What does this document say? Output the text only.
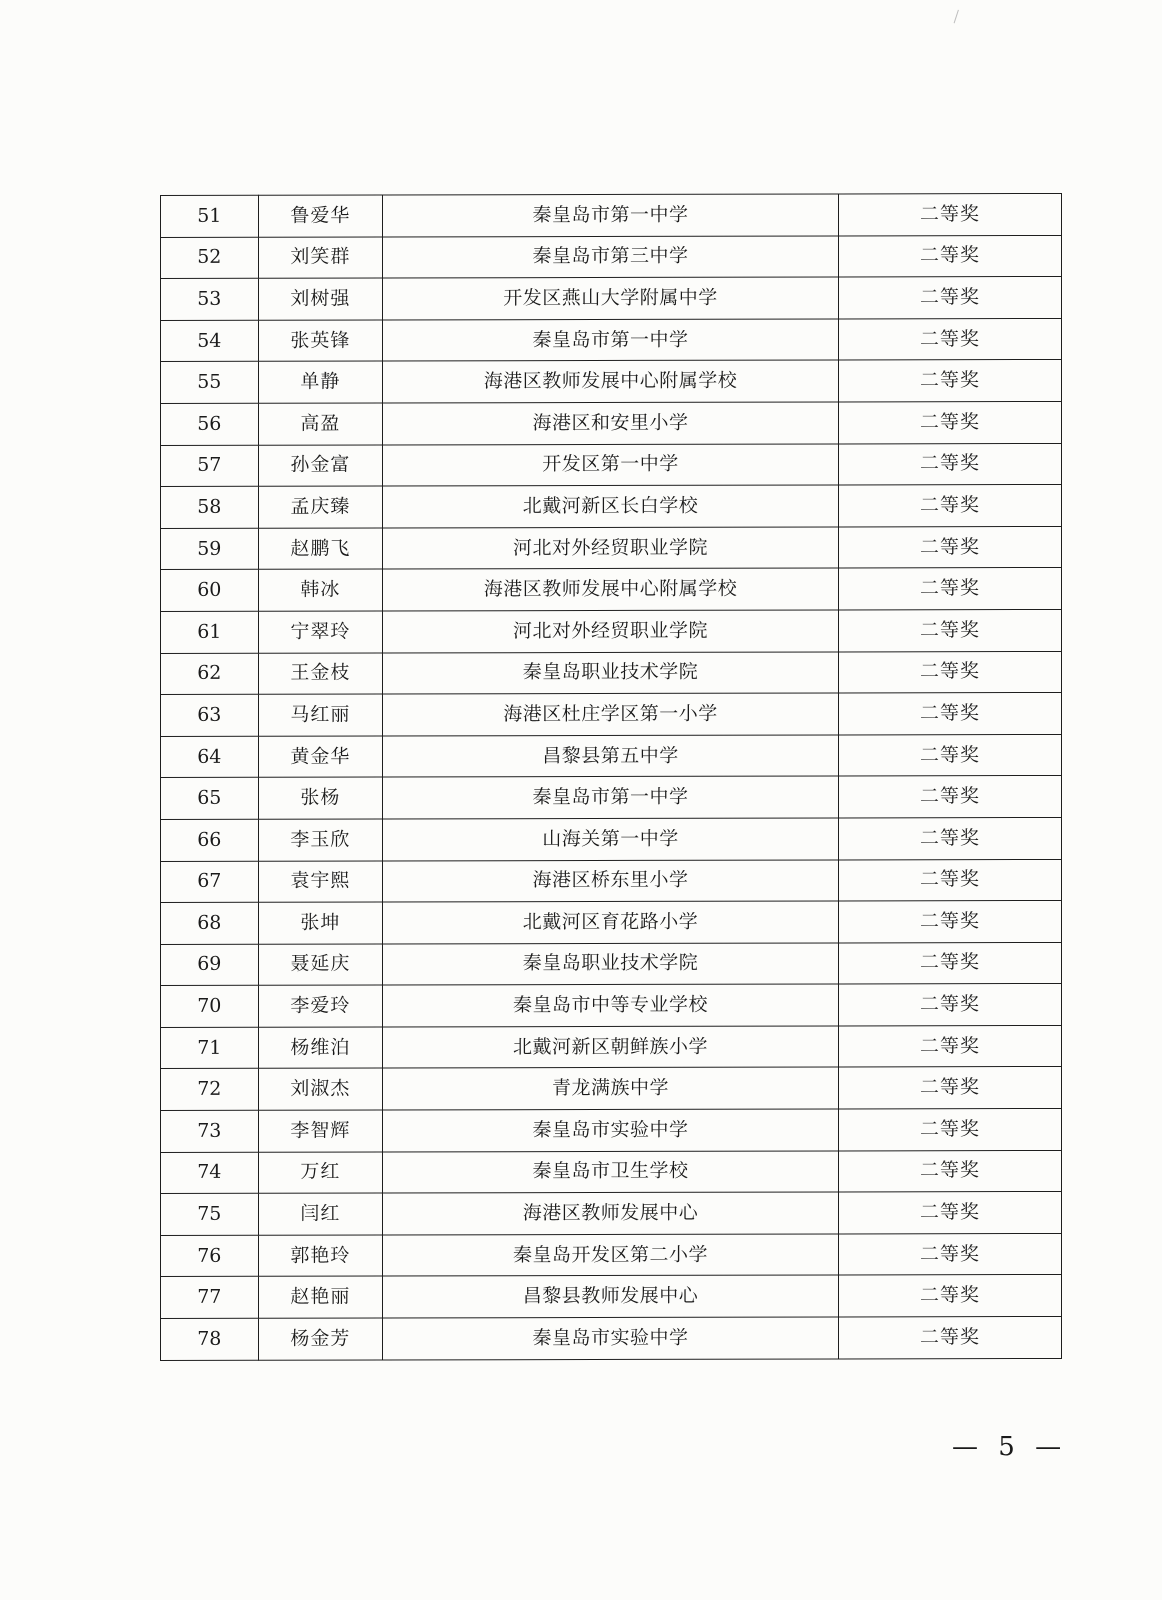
51	鲁爱华	秦皇岛市第一中学	二等奖
52	刘笑群	秦皇岛市第三中学	二等奖
53	刘树强	开发区燕山大学附属中学	二等奖
54	张英锋	秦皇岛市第一中学	二等奖
55	单静	海港区教师发展中心附属学校	二等奖
56	高盈	海港区和安里小学	二等奖
57	孙金富	开发区第一中学	二等奖
58	孟庆臻	北戴河新区长白学校	二等奖
59	赵鹏飞	河北对外经贸职业学院	二等奖
60	韩冰	海港区教师发展中心附属学校	二等奖
61	宁翠玲	河北对外经贸职业学院	二等奖
62	王金枝	秦皇岛职业技术学院	二等奖
63	马红丽	海港区杜庄学区第一小学	二等奖
64	黄金华	昌黎县第五中学	二等奖
65	张杨	秦皇岛市第一中学	二等奖
66	李玉欣	山海关第一中学	二等奖
67	袁宇熙	海港区桥东里小学	二等奖
68	张坤	北戴河区育花路小学	二等奖
69	聂延庆	秦皇岛职业技术学院	二等奖
70	李爱玲	秦皇岛市中等专业学校	二等奖
71	杨维泊	北戴河新区朝鲜族小学	二等奖
72	刘淑杰	青龙满族中学	二等奖
73	李智辉	秦皇岛市实验中学	二等奖
74	万红	秦皇岛市卫生学校	二等奖
75	闫红	海港区教师发展中心	二等奖
76	郭艳玲	秦皇岛开发区第二小学	二等奖
77	赵艳丽	昌黎县教师发展中心	二等奖
78	杨金芳	秦皇岛市实验中学	二等奖
— 5 —
